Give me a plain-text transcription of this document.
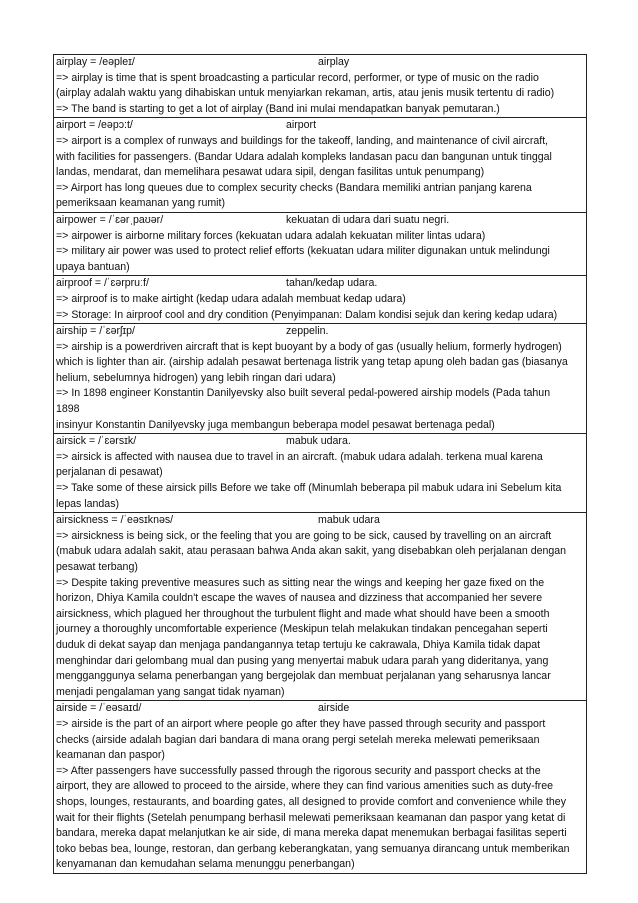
airplay = /eəpleɪ/	airplay
=> airplay is time that is spent broadcasting a particular record, performer, or type of music on the radio
(airplay adalah waktu yang dihabiskan untuk menyiarkan rekaman, artis, atau jenis musik tertentu di radio)
=> The band is starting to get a lot of airplay (Band ini mulai mendapatkan banyak pemutaran.)
airport = /eəpɔ:t/	airport
=> airport is a complex of runways and buildings for the takeoff, landing, and maintenance of civil aircraft,
with facilities for passengers. (Bandar Udara adalah kompleks landasan pacu dan bangunan untuk tinggal
landas, mendarat, dan memelihara pesawat udara sipil, dengan fasilitas untuk penumpang)
=> Airport has long queues due to complex security checks (Bandara memiliki antrian panjang karena
pemeriksaan keamanan yang rumit)
airpower = /ˈɛərˌpaʊər/	kekuatan di udara dari suatu negri.
=> airpower is airborne military forces (kekuatan udara adalah kekuatan militer lintas udara)
=> military air power was used to protect relief efforts (kekuatan udara militer digunakan untuk melindungi
upaya bantuan)
airproof = /ˈɛərpruːf/	tahan/kedap udara.
=> airproof is to make airtight (kedap udara adalah membuat kedap udara)
=> Storage: In airproof cool and dry condition (Penyimpanan: Dalam kondisi sejuk dan kering kedap udara)
airship = /ˈɛərʃɪp/	zeppelin.
=> airship is a powerdriven aircraft that is kept buoyant by a body of gas (usually helium, formerly hydrogen)
which is lighter than air. (airship adalah pesawat bertenaga listrik yang tetap apung oleh badan gas (biasanya
helium, sebelumnya hidrogen) yang lebih ringan dari udara)
=> In 1898 engineer Konstantin Danilyevsky also built several pedal-powered airship models (Pada tahun
1898
insinyur Konstantin Danilyevsky juga membangun beberapa model pesawat bertenaga pedal)
airsick = /ˈɛərsɪk/	mabuk udara.
=> airsick is affected with nausea due to travel in an aircraft. (mabuk udara adalah. terkena mual karena
perjalanan di pesawat)
=> Take some of these airsick pills Before we take off (Minumlah beberapa pil mabuk udara ini Sebelum kita
lepas landas)
airsickness = /ˈeəsɪknəs/	mabuk udara
=> airsickness is being sick, or the feeling that you are going to be sick, caused by travelling on an aircraft
(mabuk udara adalah sakit, atau perasaan bahwa Anda akan sakit, yang disebabkan oleh perjalanan dengan
pesawat terbang)
=> Despite taking preventive measures such as sitting near the wings and keeping her gaze fixed on the
horizon, Dhiya Kamila couldn't escape the waves of nausea and dizziness that accompanied her severe
airsickness, which plagued her throughout the turbulent flight and made what should have been a smooth
journey a thoroughly uncomfortable experience (Meskipun telah melakukan tindakan pencegahan seperti
duduk di dekat sayap dan menjaga pandangannya tetap tertuju ke cakrawala, Dhiya Kamila tidak dapat
menghindar dari gelombang mual dan pusing yang menyertai mabuk udara parah yang dideritanya, yang
mengganggunya selama penerbangan yang bergejolak dan membuat perjalanan yang seharusnya lancar
menjadi pengalaman yang sangat tidak nyaman)
airside = /ˈeəsaɪd/	airside
=> airside is the part of an airport where people go after they have passed through security and passport
checks (airside adalah bagian dari bandara di mana orang pergi setelah mereka melewati pemeriksaan
keamanan dan paspor)
=> After passengers have successfully passed through the rigorous security and passport checks at the
airport, they are allowed to proceed to the airside, where they can find various amenities such as duty-free
shops, lounges, restaurants, and boarding gates, all designed to provide comfort and convenience while they
wait for their flights (Setelah penumpang berhasil melewati pemeriksaan keamanan dan paspor yang ketat di
bandara, mereka dapat melanjutkan ke air side, di mana mereka dapat menemukan berbagai fasilitas seperti
toko bebas bea, lounge, restoran, dan gerbang keberangkatan, yang semuanya dirancang untuk memberikan
kenyamanan dan kemudahan selama menunggu penerbangan)
